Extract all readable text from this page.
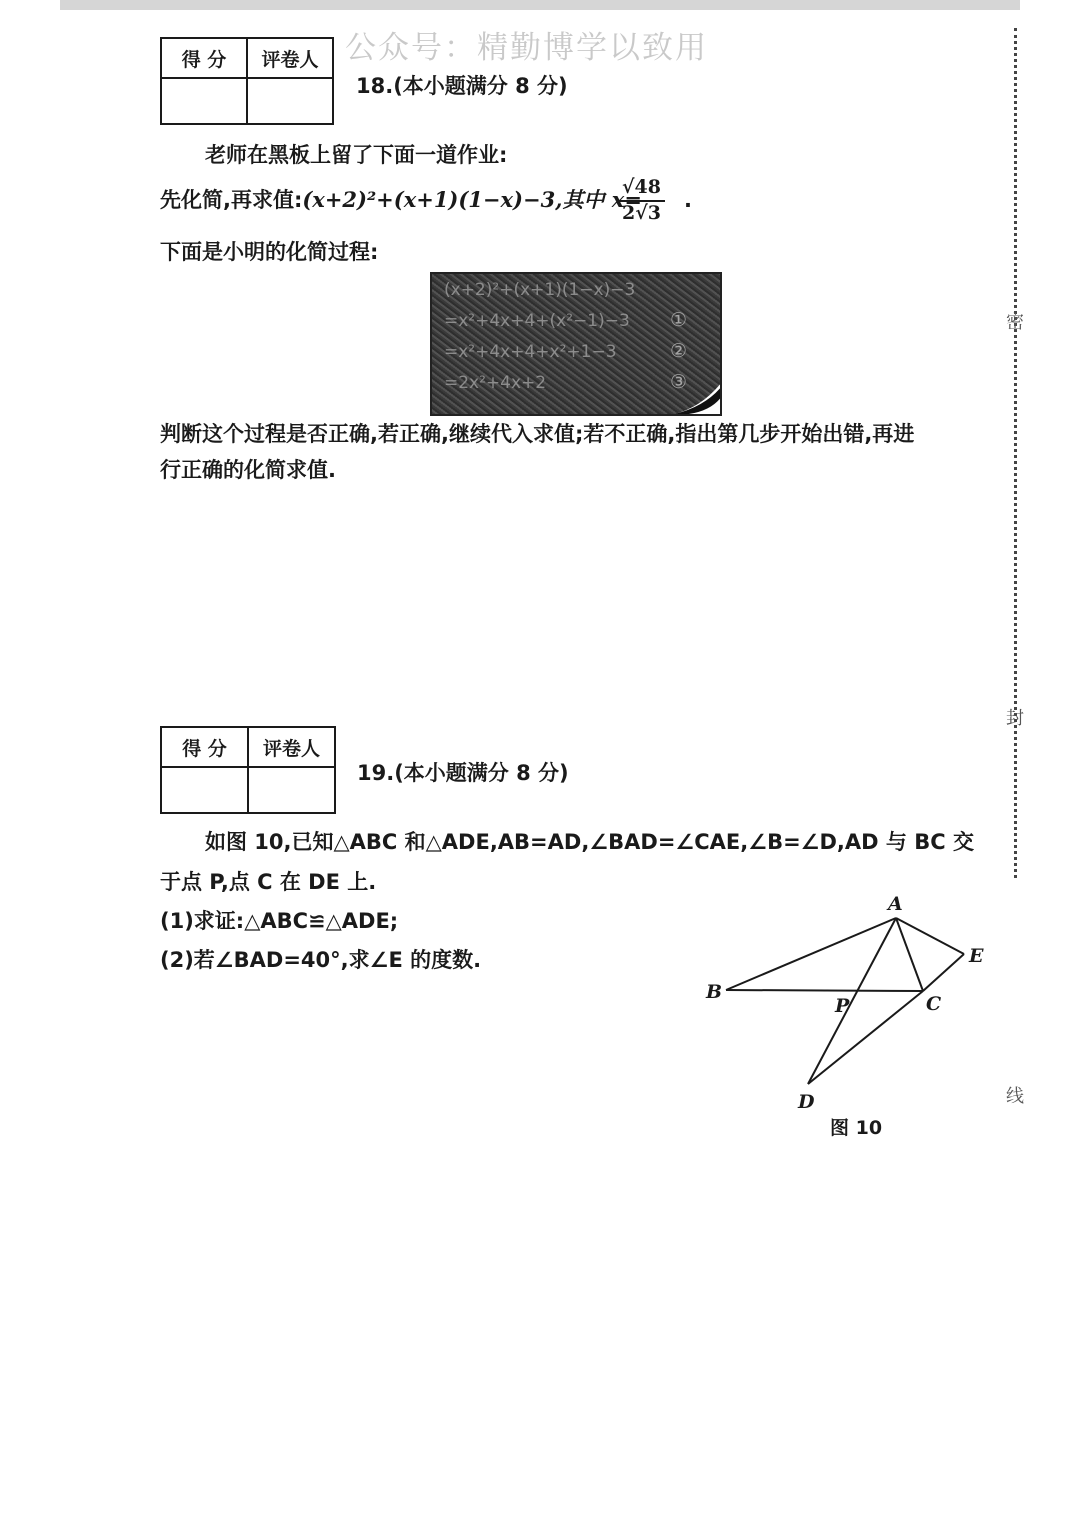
密
封
线
公众号：精勤博学以致用
得 分	评卷人

18.(本小题满分 8 分)
老师在黑板上留了下面一道作业:
先化简,再求值:(x+2)²+(x+1)(1−x)−3,其中 x=
$\frac{√48}{2√3}$ .
下面是小明的化简过程:
(x+2)²+(x+1)(1−x)−3
=x²+4x+4+(x²−1)−3
=x²+4x+4+x²+1−3
=2x²+4x+2
①
②
③
判断这个过程是否正确,若正确,继续代入求值;若不正确,指出第几步开始出错,再进
行正确的化简求值.
得 分	评卷人

19.(本小题满分 8 分)
如图 10,已知△ABC 和△ADE,AB=AD,∠BAD=∠CAE,∠B=∠D,AD 与 BC 交
于点 P,点 C 在 DE 上.
(1)求证:△ABC≌△ADE;
(2)若∠BAD=40°,求∠E 的度数.
A
B
C
D
E
P
图 10
